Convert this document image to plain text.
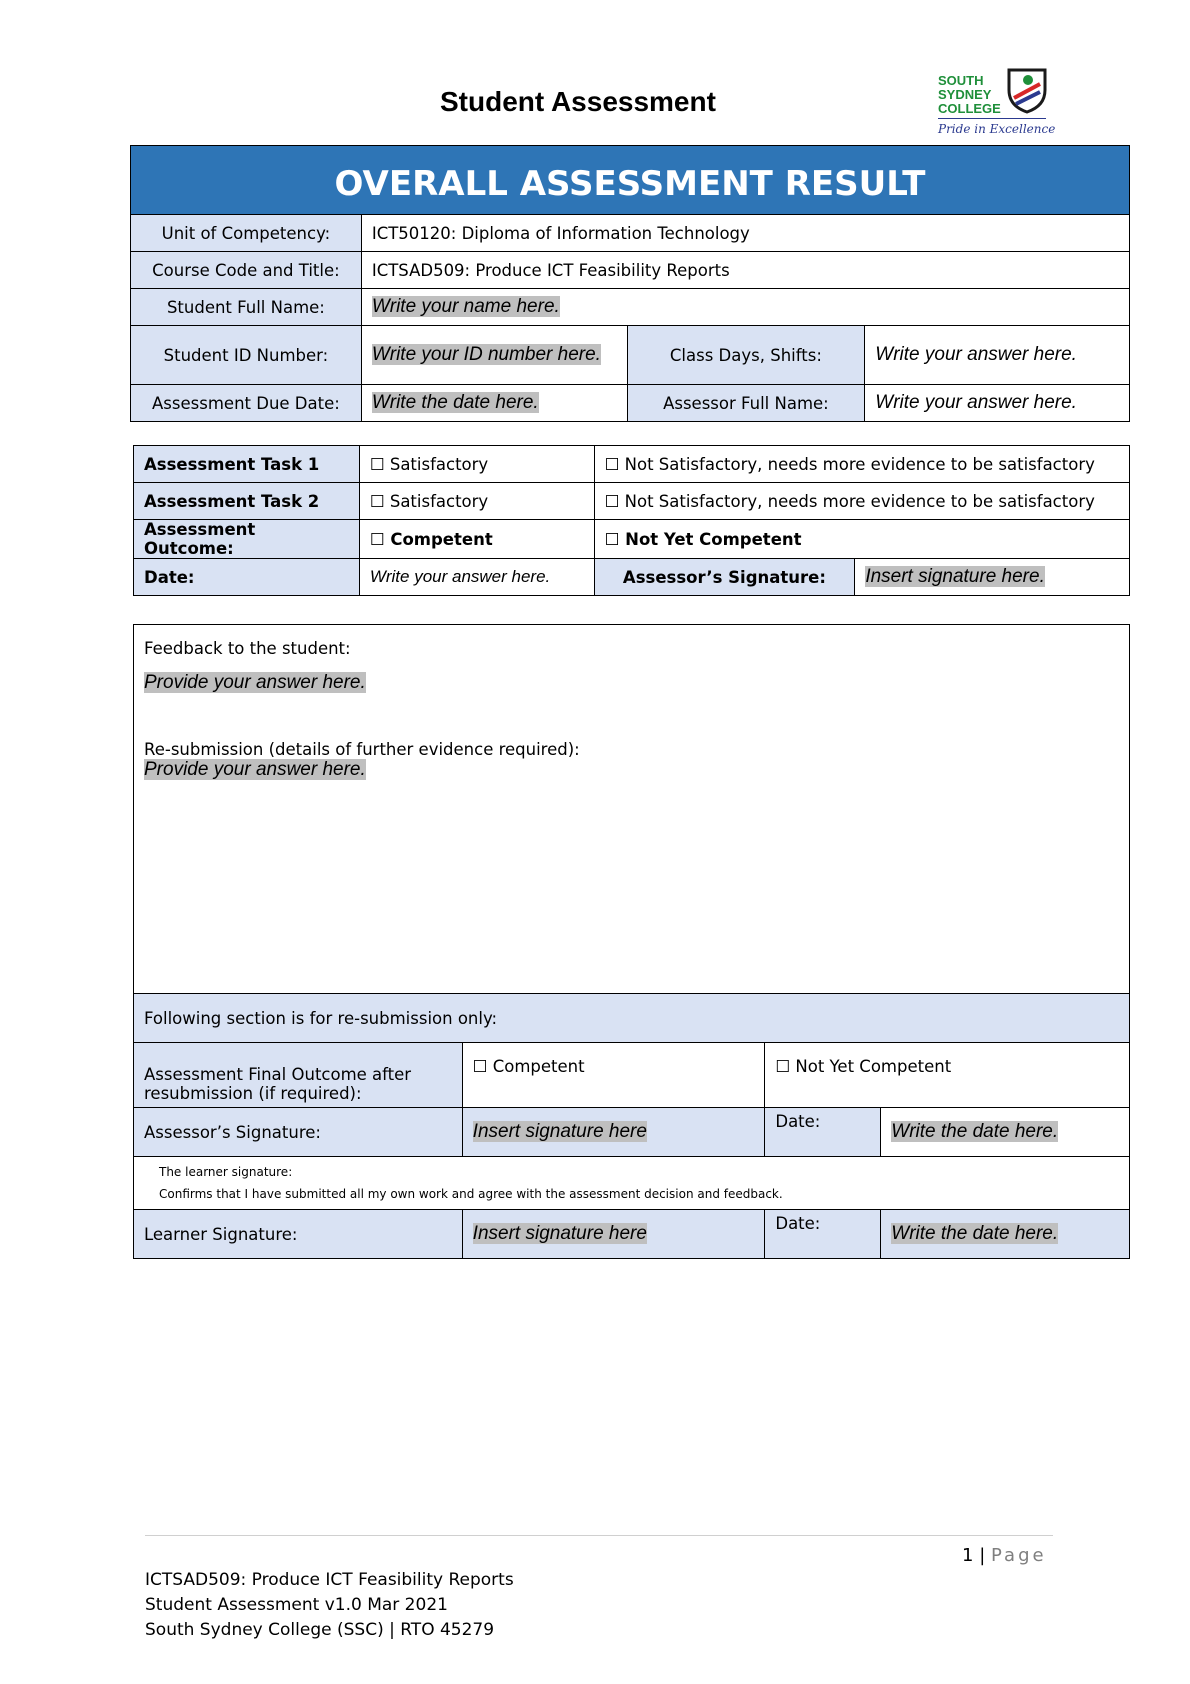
Student Assessment
SOUTH
SYDNEY
COLLEGE
Pride in Excellence
OVERALL ASSESSMENT RESULT			
Unit of Competency:	ICT50120: Diploma of Information Technology		
Course Code and Title:	ICTSAD509: Produce ICT Feasibility Reports		
Student Full Name:	Write your name here.		
Student ID Number:	Write your ID number here.	Class Days, Shifts:	Write your answer here.
Assessment Due Date:	Write the date here.	Assessor Full Name:	Write your answer here.
Assessment Task 1	☐ Satisfactory	☐ Not Satisfactory, needs more evidence to be satisfactory	
Assessment Task 2	☐ Satisfactory	☐ Not Satisfactory, needs more evidence to be satisfactory	
Assessment Outcome:	☐ Competent	☐ Not Yet Competent	
Date:	Write your answer here.	Assessor’s Signature:	Insert signature here.
Feedback to the student:
Provide your answer here.
Re-submission (details of further evidence required):
Provide your answer here.			

Following section is for re-submission only:			
Assessment Final Outcome after resubmission (if required):	☐ Competent	☐ Not Yet Competent	
Assessor’s Signature:	Insert signature here	Date:	Write the date here.

The learner signature:
Confirms that I have submitted all my own work and agree with the assessment decision and feedback.			

Learner Signature:	Insert signature here	Date:	Write the date here.
1 | Page
ICTSAD509: Produce ICT Feasibility Reports
Student Assessment v1.0 Mar 2021
South Sydney College (SSC) | RTO 45279
